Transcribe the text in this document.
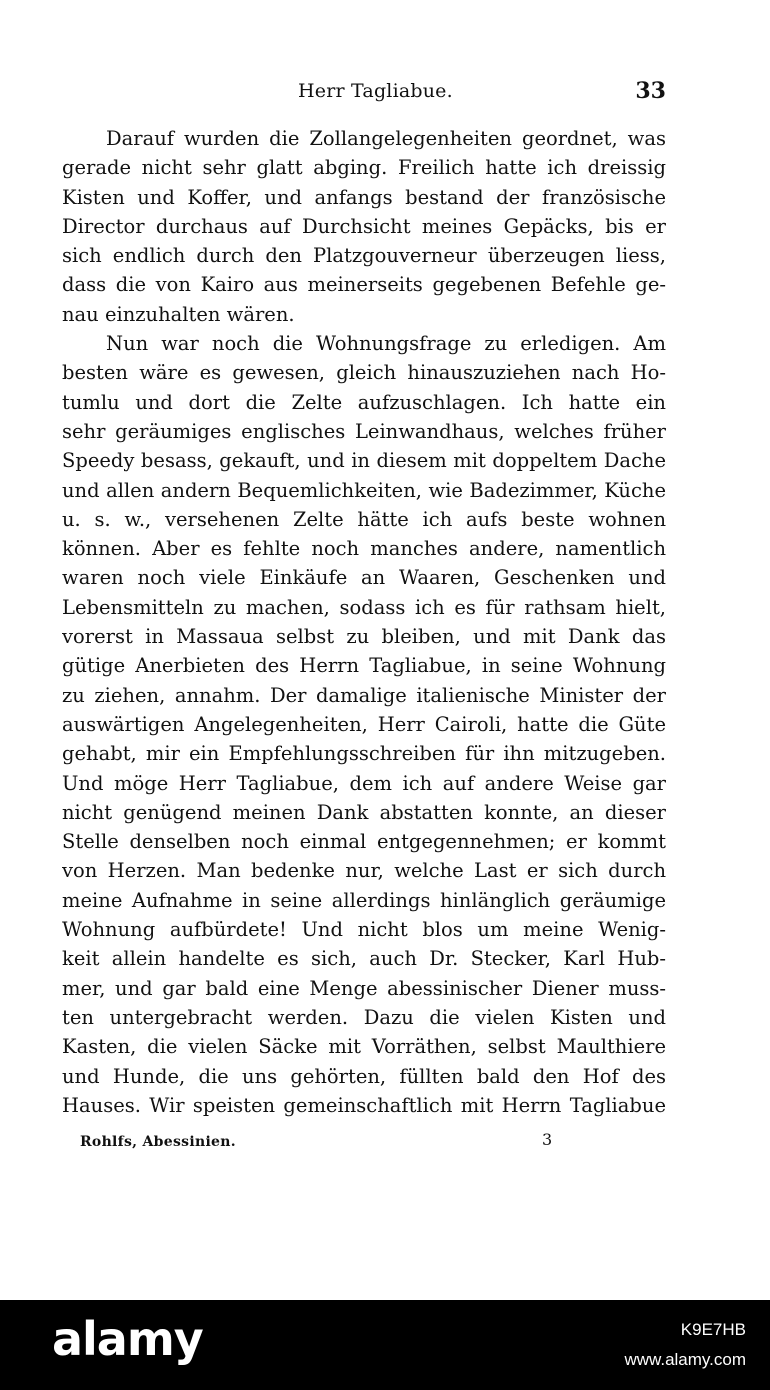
Herr Tagliabue.	33
Darauf wurden die Zollangelegenheiten geordnet, was
gerade nicht sehr glatt abging. Freilich hatte ich dreissig
Kisten und Koffer, und anfangs bestand der französische
Director durchaus auf Durchsicht meines Gepäcks, bis er
sich endlich durch den Platzgouverneur überzeugen liess,
dass die von Kairo aus meinerseits gegebenen Befehle ge-
nau einzuhalten wären.
Nun war noch die Wohnungsfrage zu erledigen. Am
besten wäre es gewesen, gleich hinauszuziehen nach Ho-
tumlu und dort die Zelte aufzuschlagen. Ich hatte ein
sehr geräumiges englisches Leinwandhaus, welches früher
Speedy besass, gekauft, und in diesem mit doppeltem Dache
und allen andern Bequemlichkeiten, wie Badezimmer, Küche
u. s. w., versehenen Zelte hätte ich aufs beste wohnen
können. Aber es fehlte noch manches andere, namentlich
waren noch viele Einkäufe an Waaren, Geschenken und
Lebensmitteln zu machen, sodass ich es für rathsam hielt,
vorerst in Massaua selbst zu bleiben, und mit Dank das
gütige Anerbieten des Herrn Tagliabue, in seine Wohnung
zu ziehen, annahm. Der damalige italienische Minister der
auswärtigen Angelegenheiten, Herr Cairoli, hatte die Güte
gehabt, mir ein Empfehlungsschreiben für ihn mitzugeben.
Und möge Herr Tagliabue, dem ich auf andere Weise gar
nicht genügend meinen Dank abstatten konnte, an dieser
Stelle denselben noch einmal entgegennehmen; er kommt
von Herzen. Man bedenke nur, welche Last er sich durch
meine Aufnahme in seine allerdings hinlänglich geräumige
Wohnung aufbürdete! Und nicht blos um meine Wenig-
keit allein handelte es sich, auch Dr. Stecker, Karl Hub-
mer, und gar bald eine Menge abessinischer Diener muss-
ten untergebracht werden. Dazu die vielen Kisten und
Kasten, die vielen Säcke mit Vorräthen, selbst Maulthiere
und Hunde, die uns gehörten, füllten bald den Hof des
Hauses. Wir speisten gemeinschaftlich mit Herrn Tagliabue
Rohlfs, Abessinien.	3
alamy	K9E7HB
www.alamy.com
